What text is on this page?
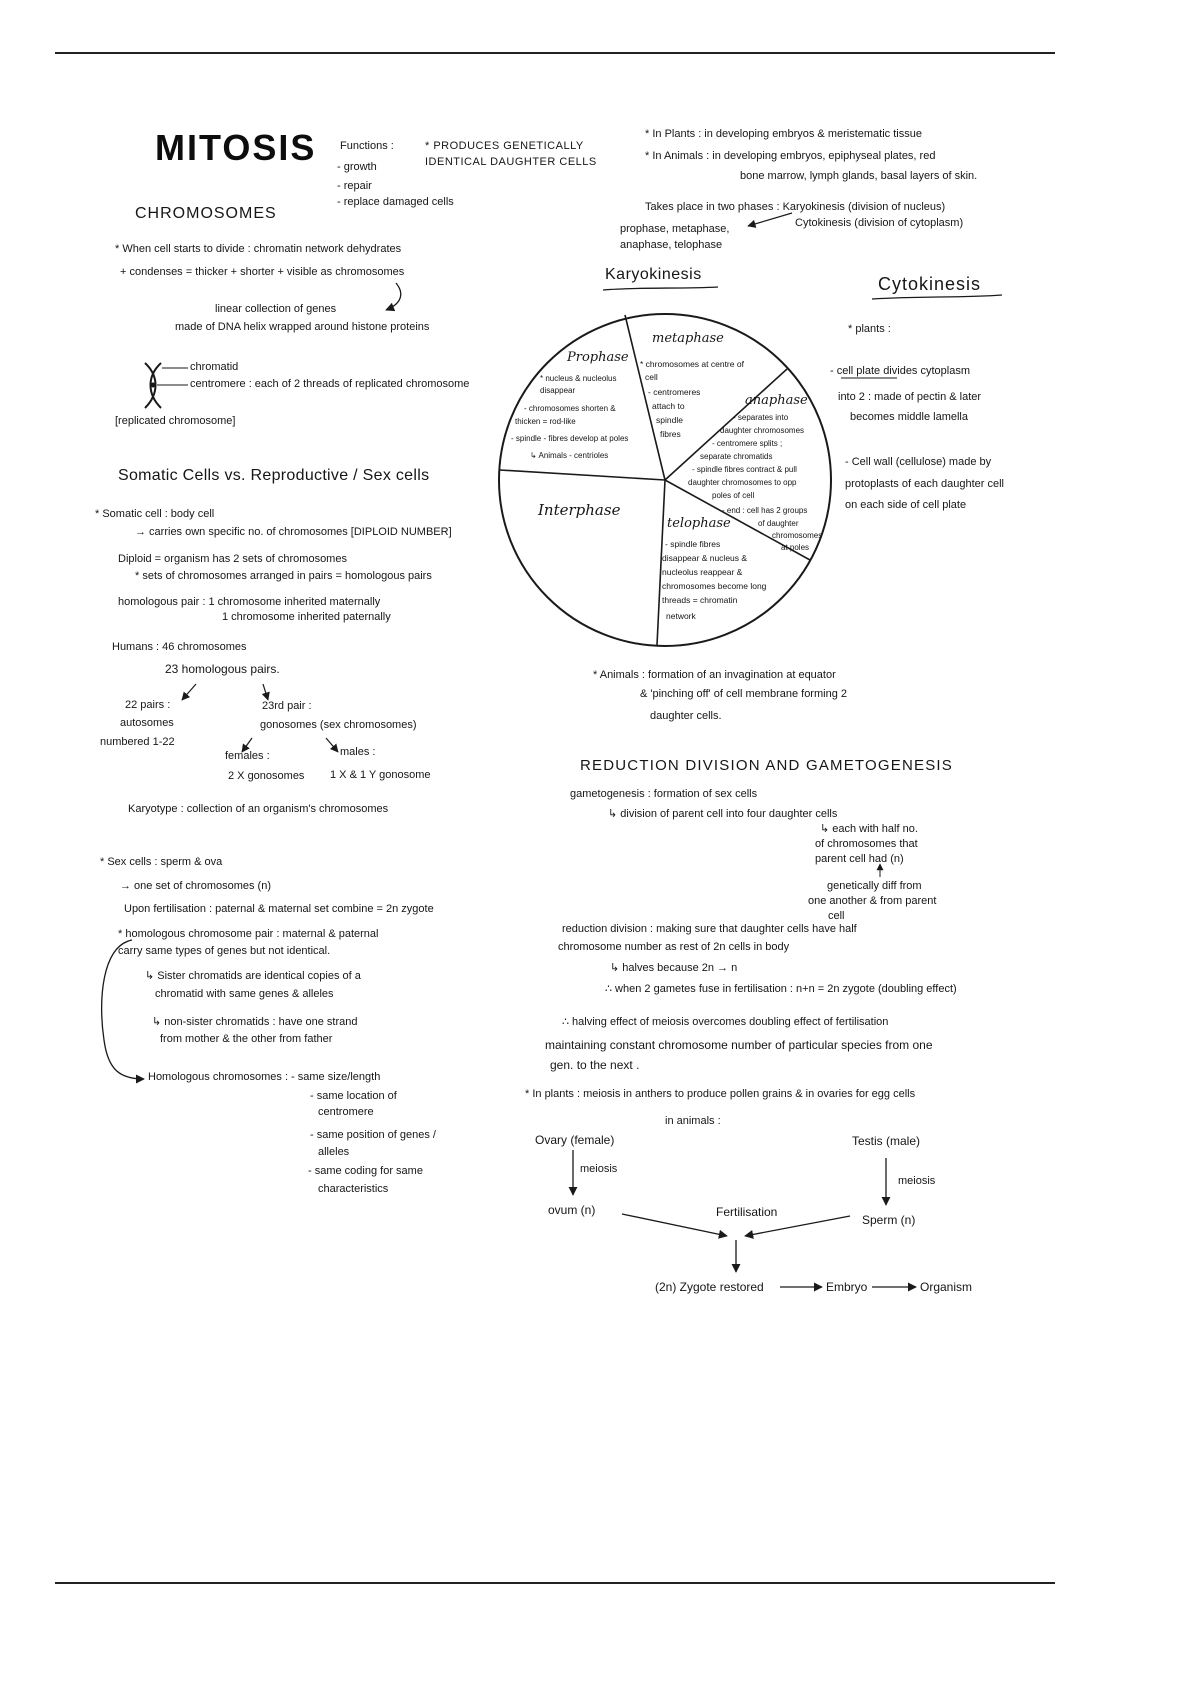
MITOSIS Functions :
- growth
- repair
- replace damaged cells
* PRODUCES GENETICALLY
IDENTICAL DAUGHTER CELLS
CHROMOSOMES
* When cell starts to divide : chromatin network dehydrates
+ condenses = thicker + shorter + visible as chromosomes
linear collection of genes
made of DNA helix wrapped around histone proteins
chromatid
centromere : each of 2 threads of replicated chromosome
[replicated chromosome]
Somatic Cells vs. Reproductive / Sex cells
* Somatic cell : body cell
→ carries own specific no. of chromosomes [DIPLOID NUMBER]
Diploid = organism has 2 sets of chromosomes
* sets of chromosomes arranged in pairs = homologous pairs
homologous pair : 1 chromosome inherited maternally
1 chromosome inherited paternally
Humans : 46 chromosomes
23 homologous pairs.
22 pairs :
autosomes
numbered 1-22
23rd pair :
gonosomes (sex chromosomes)
females :
2 X gonosomes
males :
1 X & 1 Y gonosome
Karyotype : collection of an organism's chromosomes
* Sex cells : sperm & ova
→ one set of chromosomes (n)
Upon fertilisation : paternal & maternal set combine = 2n zygote
* homologous chromosome pair : maternal & paternal
carry same types of genes but not identical.
↳ Sister chromatids are identical copies of a
chromatid with same genes & alleles
↳ non-sister chromatids : have one strand
from mother & the other from father
Homologous chromosomes : - same size/length
- same location of
centromere
- same position of genes /
alleles
- same coding for same
characteristics
* In Plants : in developing embryos & meristematic tissue
* In Animals : in developing embryos, epiphyseal plates, red
bone marrow, lymph glands, basal layers of skin.
Takes place in two phases : Karyokinesis (division of nucleus)
Cytokinesis (division of cytoplasm)
prophase, metaphase,
anaphase, telophase
Karyokinesis	Cytokinesis
Prophase
* nucleus & nucleolus
disappear
- chromosomes shorten &
thicken = rod-like
- spindle - fibres develop at poles
↳ Animals - centrioles
metaphase
* chromosomes at centre of
cell
- centromeres
attach to
spindle
fibres
anaphase
- separates into
daughter chromosomes
- centromere splits ;
separate chromatids
- spindle fibres contract & pull
daughter chromosomes to opp
poles of cell
- end : cell has 2 groups
of daughter
chromosomes
at poles
telophase
- spindle fibres
disappear & nucleus &
nucleolus reappear &
chromosomes become long
threads = chromatin
network
Interphase
* plants :
- cell plate divides cytoplasm
into 2 : made of pectin & later
becomes middle lamella
- Cell wall (cellulose) made by
protoplasts of each daughter cell
on each side of cell plate
* Animals : formation of an invagination at equator
& 'pinching off' of cell membrane forming 2
daughter cells.
REDUCTION DIVISION AND GAMETOGENESIS
gametogenesis : formation of sex cells
↳ division of parent cell into four daughter cells
↳ each with half no.
of chromosomes that
parent cell had (n)
genetically diff from
one another & from parent
cell
reduction division : making sure that daughter cells have half
chromosome number as rest of 2n cells in body
↳ halves because 2n → n
∴ when 2 gametes fuse in fertilisation : n+n = 2n zygote (doubling effect)
∴ halving effect of meiosis overcomes doubling effect of fertilisation
maintaining constant chromosome number of particular species from one
gen. to the next .
* In plants : meiosis in anthers to produce pollen grains & in ovaries for egg cells
in animals :
Ovary (female)	Testis (male)
meiosis
meiosis
ovum (n)	Fertilisation
Sperm (n)
(2n) Zygote restored	Embryo	Organism
